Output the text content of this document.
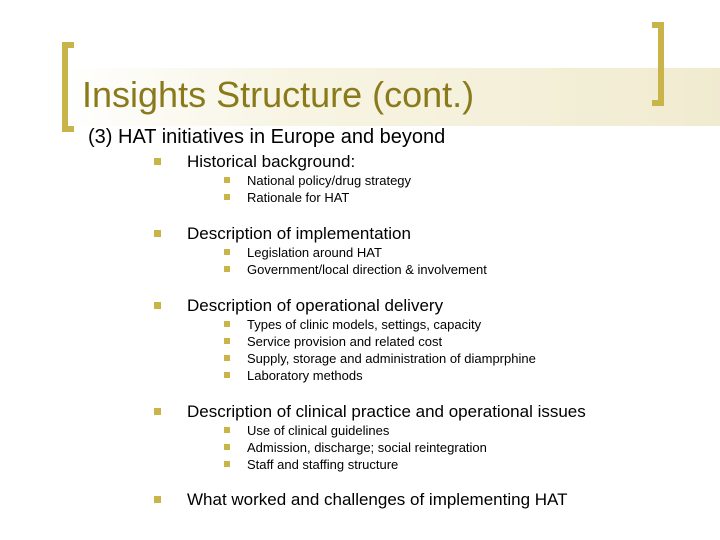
Insights Structure (cont.)
(3) HAT initiatives in Europe and beyond
Historical background:
National policy/drug strategy
Rationale for HAT
Description of implementation
Legislation around HAT
Government/local direction & involvement
Description of operational delivery
Types of clinic models, settings, capacity
Service provision and related cost
Supply, storage and administration of diamprphine
Laboratory methods
Description of clinical practice and operational issues
Use of clinical guidelines
Admission, discharge; social reintegration
Staff and staffing structure
What worked and challenges of implementing HAT
